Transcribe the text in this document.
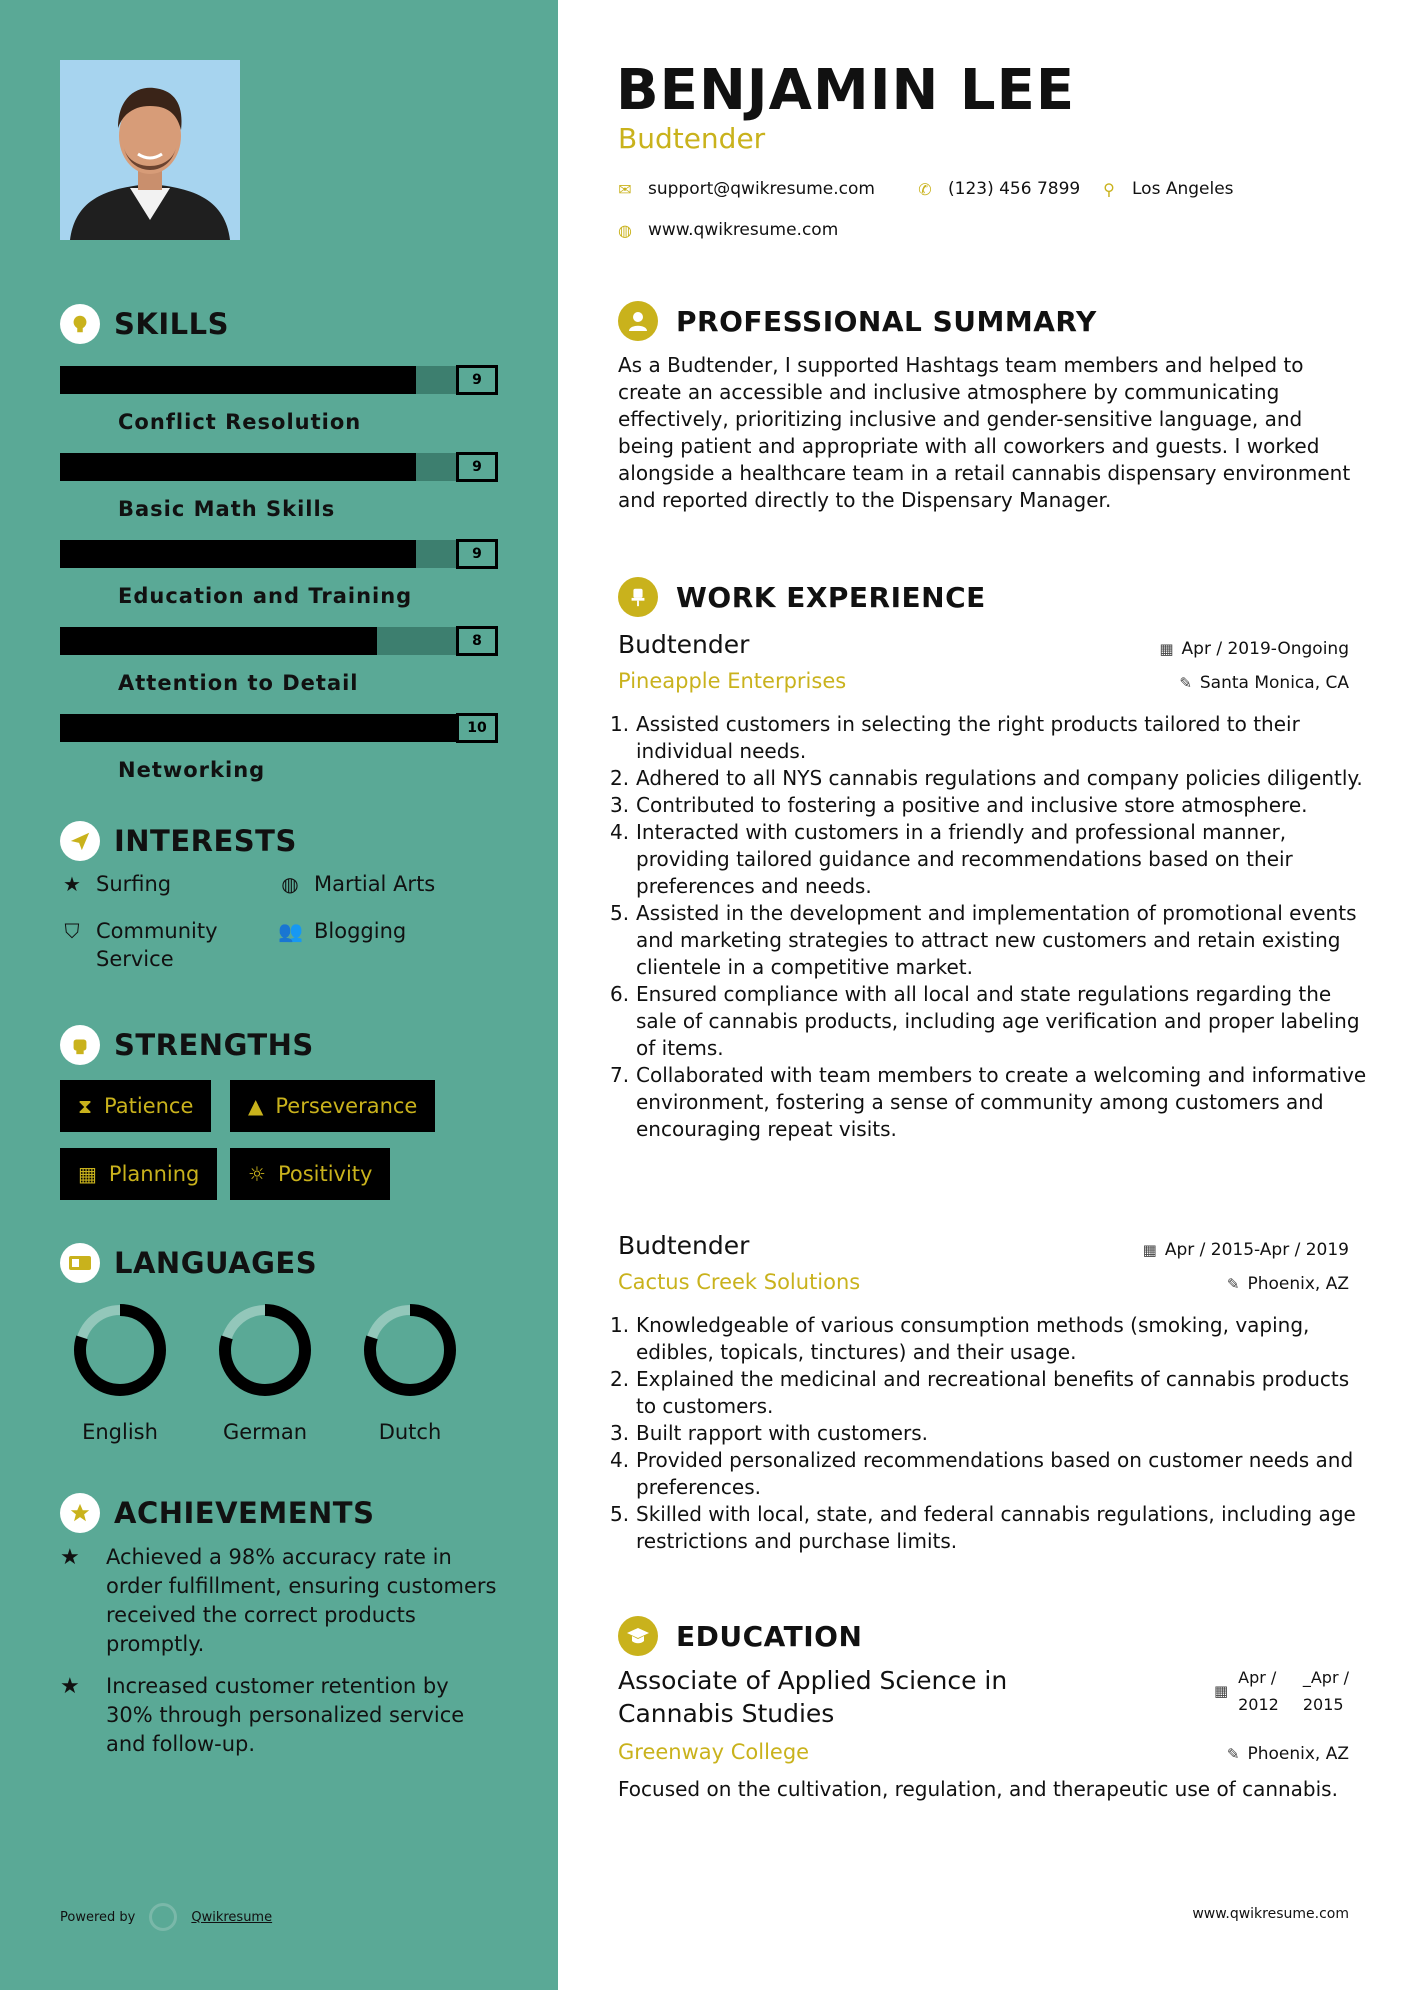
SKILLS
Conflict Resolution
9
Basic Math Skills
9
Education and Training
9
Attention to Detail
8
Networking
10
INTERESTS
★ Surfing	◍ Martial Arts
⛉ Community
Service
👥 Blogging
STRENGTHS
⧗ Patience	▲ Perseverance
▦ Planning ☼ Positivity
LANGUAGES
English	German	Dutch
ACHIEVEMENTS
★	Achieved a 98% accuracy rate in order fulfillment, ensuring customers received the correct products promptly.
★	Increased customer retention by 30% through personalized service and follow-up.
Powered by	Qwikresume
BENJAMIN LEE
Budtender
✉ support@qwikresume.com	✆ (123) 456 7899 ⚲ Los Angeles
◍ www.qwikresume.com
PROFESSIONAL SUMMARY
As a Budtender, I supported Hashtags team members and helped to create an accessible and inclusive atmosphere by communicating effectively, prioritizing inclusive and gender-sensitive language, and being patient and appropriate with all coworkers and guests. I worked alongside a healthcare team in a retail cannabis dispensary environment and reported directly to the Dispensary Manager.
WORK EXPERIENCE
Budtender	▦ Apr / 2019-Ongoing
Pineapple Enterprises	✎ Santa Monica, CA
1. Assisted customers in selecting the right products tailored to their individual needs.
2. Adhered to all NYS cannabis regulations and company policies diligently.
3. Contributed to fostering a positive and inclusive store atmosphere.
4. Interacted with customers in a friendly and professional manner, providing tailored guidance and recommendations based on their preferences and needs.
5. Assisted in the development and implementation of promotional events and marketing strategies to attract new customers and retain existing clientele in a competitive market.
6. Ensured compliance with all local and state regulations regarding the sale of cannabis products, including age verification and proper labeling of items.
7. Collaborated with team members to create a welcoming and informative environment, fostering a sense of community among customers and encouraging repeat visits.
Budtender	▦ Apr / 2015-Apr / 2019
Cactus Creek Solutions	✎ Phoenix, AZ
1. Knowledgeable of various consumption methods (smoking, vaping, edibles, topicals, tinctures) and their usage.
2. Explained the medicinal and recreational benefits of cannabis products to customers.
3. Built rapport with customers.
4. Provided personalized recommendations based on customer needs and preferences.
5. Skilled with local, state, and federal cannabis regulations, including age restrictions and purchase limits.
EDUCATION
Associate of Applied Science in Cannabis Studies
▦
Apr /
2012
_Apr /
2015
Greenway College	✎ Phoenix, AZ
Focused on the cultivation, regulation, and therapeutic use of cannabis.
www.qwikresume.com
